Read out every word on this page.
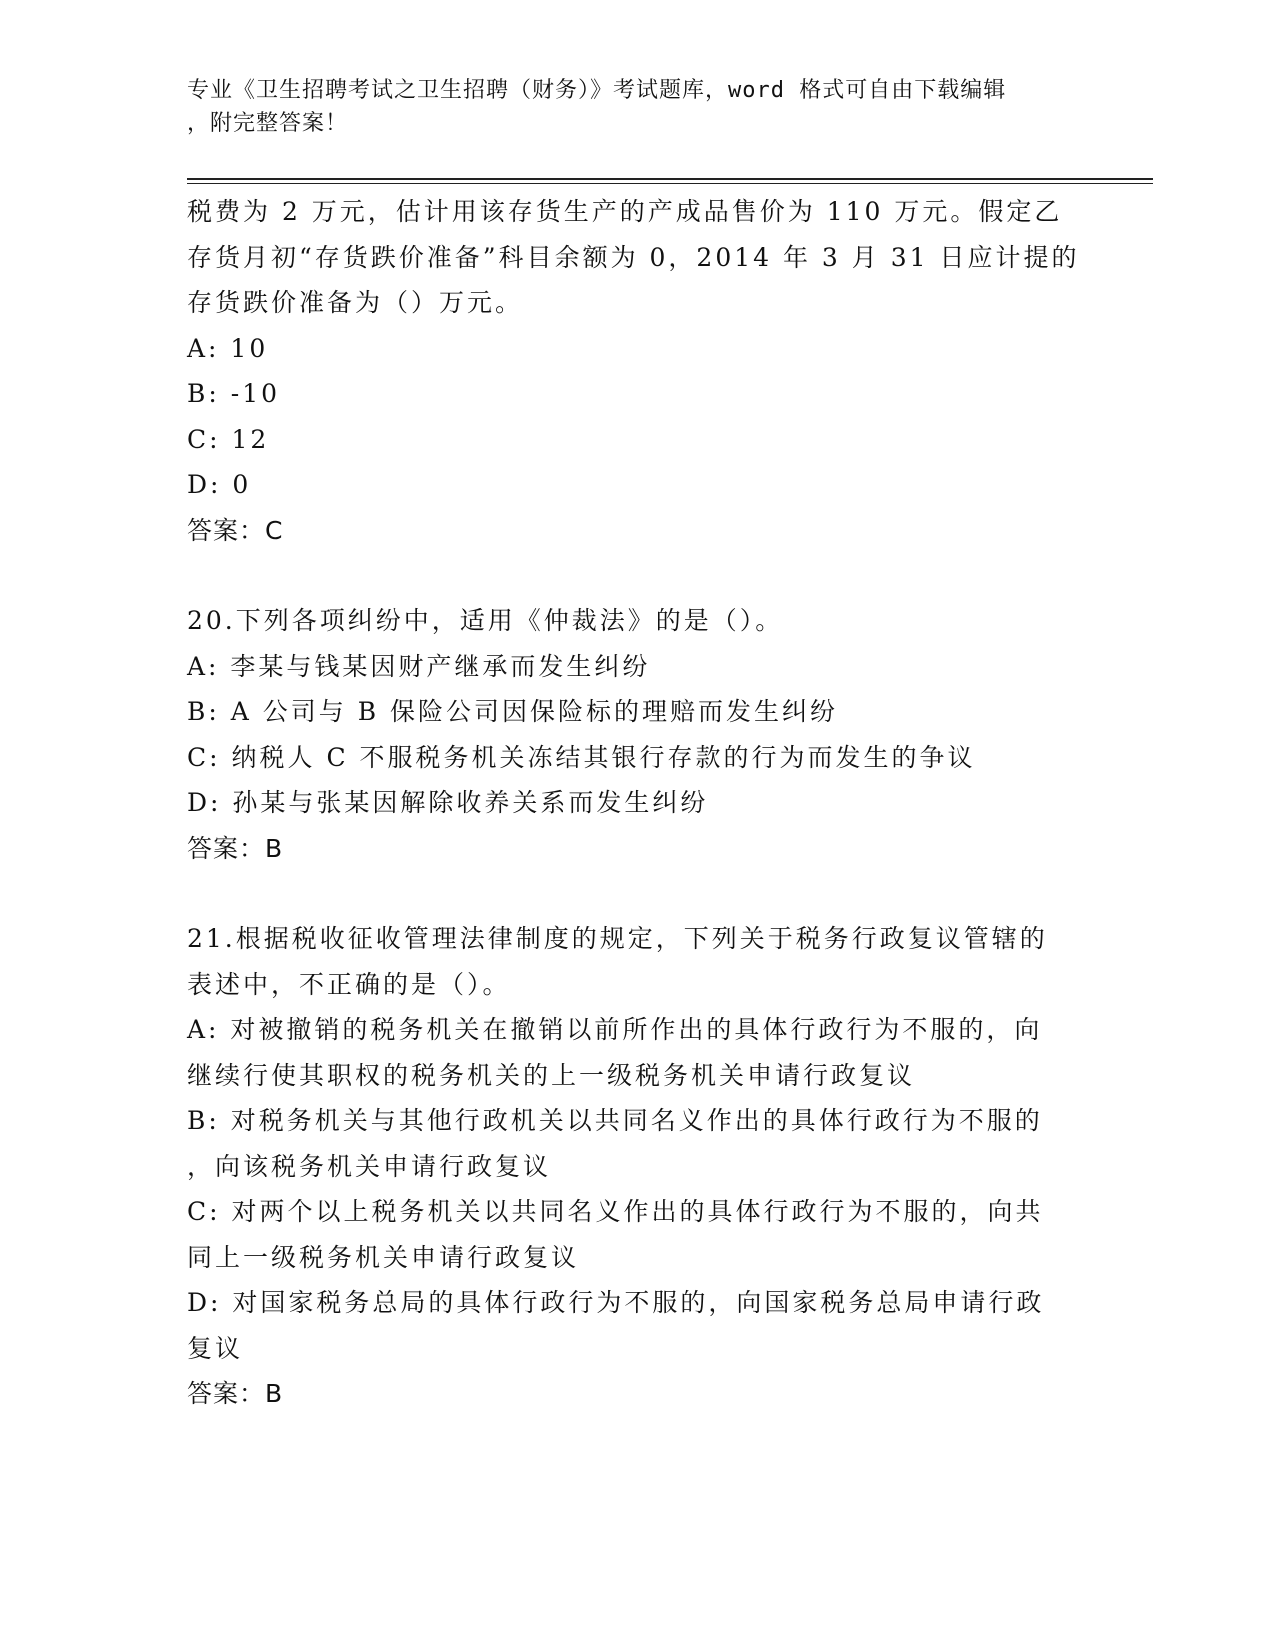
专业《卫生招聘考试之卫生招聘（财务）》考试题库，word 格式可自由下载编辑
，附完整答案！
税费为 2 万元，估计用该存货生产的产成品售价为 110 万元。假定乙
存货月初“存货跌价准备”科目余额为 0，2014 年 3 月 31 日应计提的
存货跌价准备为（）万元。
A: 10
B: -10
C: 12
D: 0
答案：C
20.下列各项纠纷中，适用《仲裁法》的是（）。
A: 李某与钱某因财产继承而发生纠纷
B: A 公司与 B 保险公司因保险标的理赔而发生纠纷
C: 纳税人 C 不服税务机关冻结其银行存款的行为而发生的争议
D: 孙某与张某因解除收养关系而发生纠纷
答案：B
21.根据税收征收管理法律制度的规定，下列关于税务行政复议管辖的
表述中，不正确的是（）。
A: 对被撤销的税务机关在撤销以前所作出的具体行政行为不服的，向
继续行使其职权的税务机关的上一级税务机关申请行政复议
B: 对税务机关与其他行政机关以共同名义作出的具体行政行为不服的
，向该税务机关申请行政复议
C: 对两个以上税务机关以共同名义作出的具体行政行为不服的，向共
同上一级税务机关申请行政复议
D: 对国家税务总局的具体行政行为不服的，向国家税务总局申请行政
复议
答案：B
